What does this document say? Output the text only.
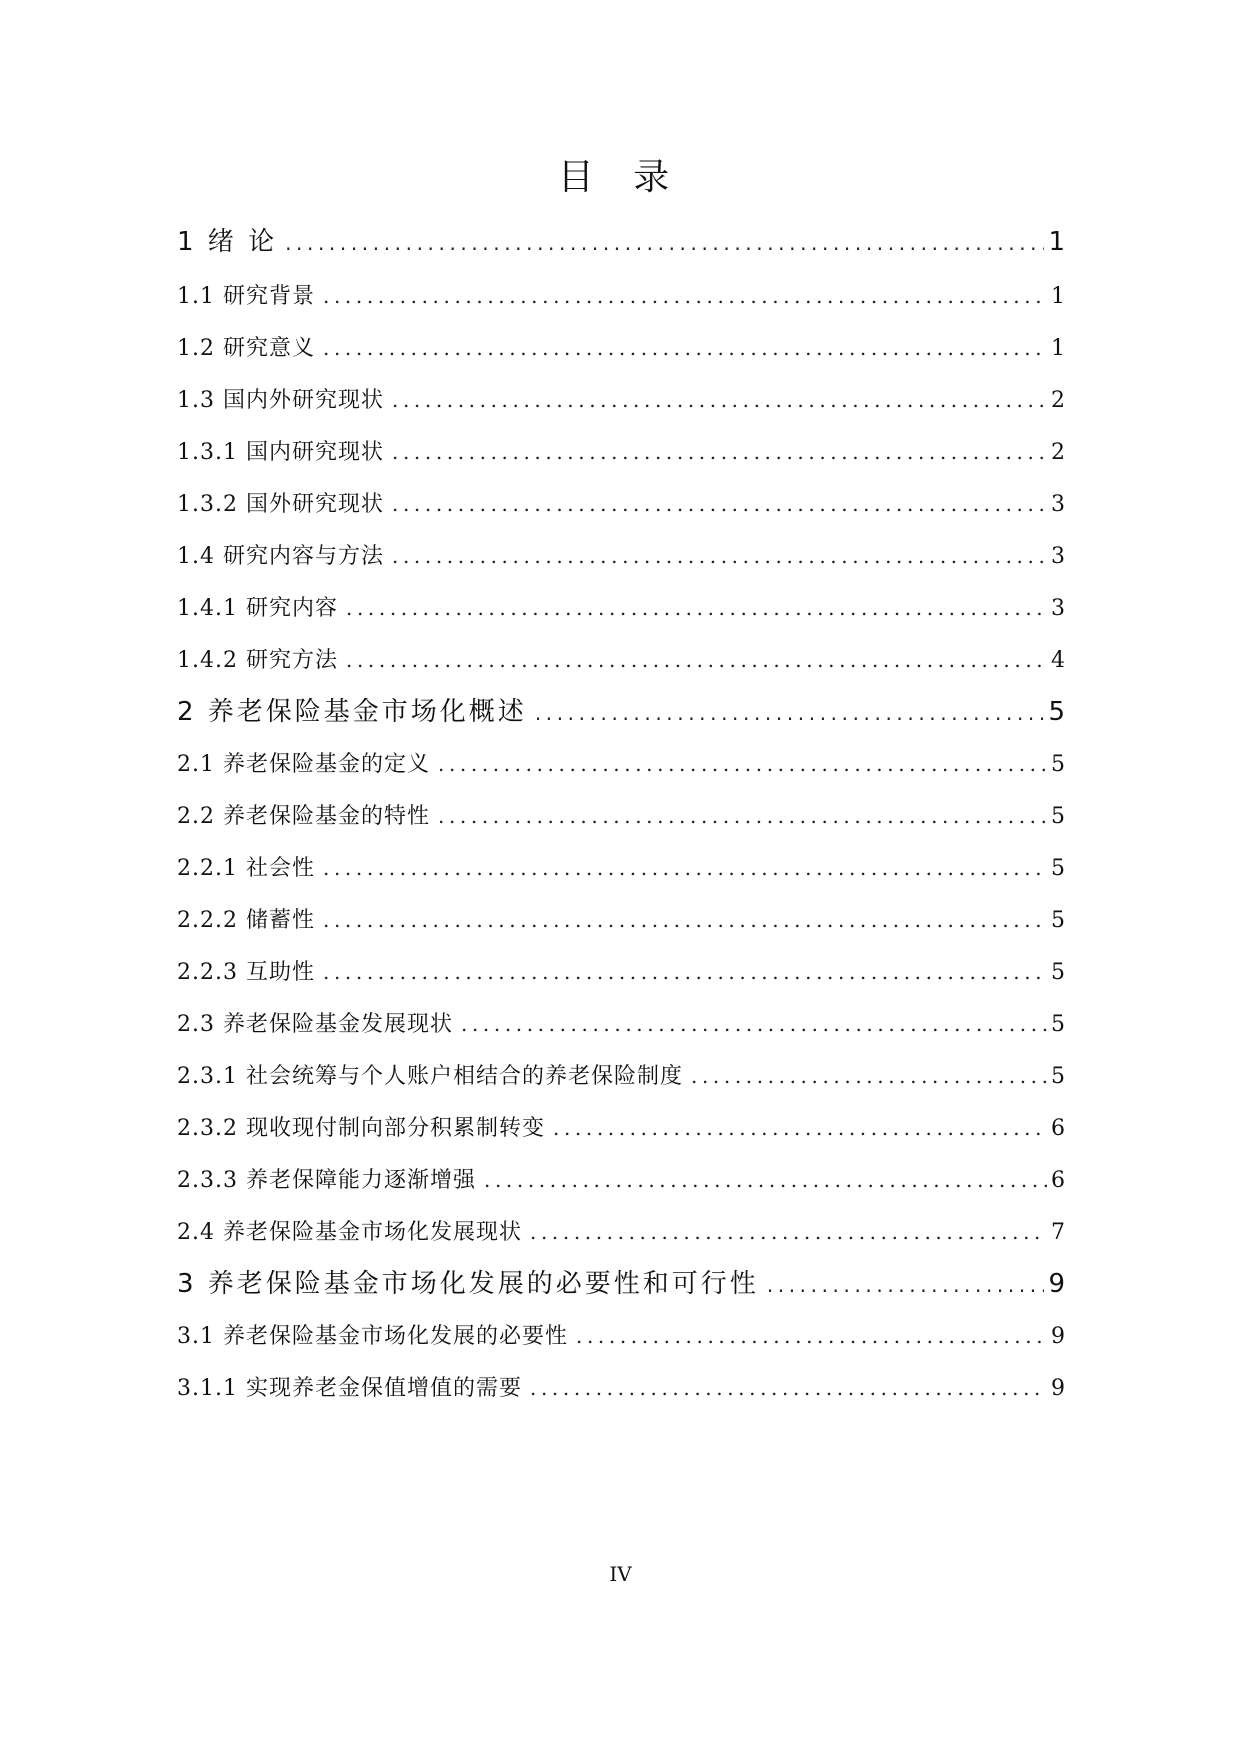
目 录
1 绪 论 .....	1
1.1 研究背景 .....	1
1.2 研究意义 .....	1
1.3 国内外研究现状 .....	2
1.3.1 国内研究现状 .....	2
1.3.2 国外研究现状 .....	3
1.4 研究内容与方法 .....	3
1.4.1 研究内容 .....	3
1.4.2 研究方法 .....	4
2 养老保险基金市场化概述 .....	5
2.1 养老保险基金的定义 .....	5
2.2 养老保险基金的特性 .....	5
2.2.1 社会性 .....	5
2.2.2 储蓄性 .....	5
2.2.3 互助性 .....	5
2.3 养老保险基金发展现状 .....	5
2.3.1 社会统筹与个人账户相结合的养老保险制度 .....	5
2.3.2 现收现付制向部分积累制转变 .....	6
2.3.3 养老保障能力逐渐增强 .....	6
2.4 养老保险基金市场化发展现状 .....	7
3 养老保险基金市场化发展的必要性和可行性 .....	9
3.1 养老保险基金市场化发展的必要性 .....	9
3.1.1 实现养老金保值增值的需要 .....	9
IV
